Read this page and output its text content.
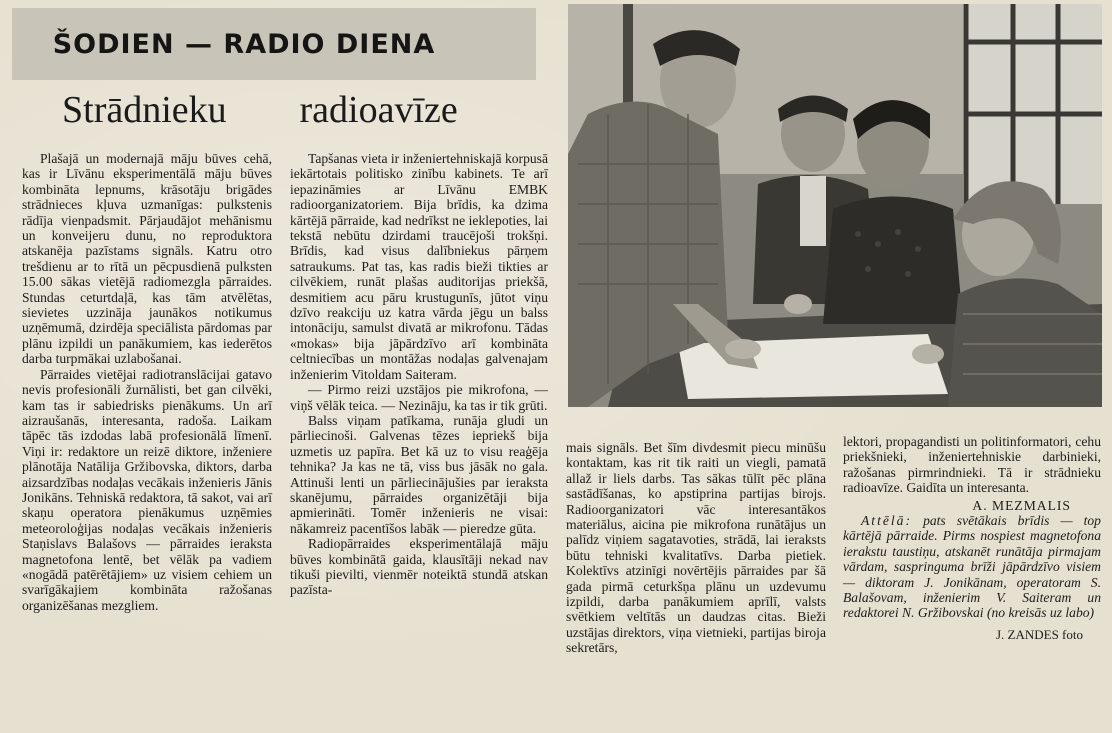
ŠODIEN — RADIO DIENA
Strādnieku radioavīze

Plašajā un modernajā māju būves cehā, kas ir Līvānu eksperimentālā māju būves kombināta lepnums, krāsotāju brigādes strādnieces kļuva uzmanīgas: pulkstenis rādīja vienpadsmit. Pārjaudājot mehānismu un konveijeru dunu, no reproduktora atskanēja pazīstams signāls. Katru otro trešdienu ar to rītā un pēcpusdienā pulksten 15.00 sākas vietējā radiomezgla pārraides. Stundas ceturtdaļā, kas tām atvēlētas, sievietes uzzināja jaunākos notikumus uzņēmumā, dzirdēja speciālista pārdomas par plānu izpildi un panākumiem, kas iederētos darba turpmākai uzlabošanai.

Pārraides vietējai radiotranslācijai gatavo nevis profesionāli žurnālisti, bet gan cilvēki, kam tas ir sabiedrisks pienākums. Un arī aizraušanās, interesanta, radoša. Laikam tāpēc tās izdodas labā profesionālā līmenī. Viņi ir: redaktore un reizē diktore, inženiere plānotāja Natālija Gržibovska, diktors, darba aizsardzības nodaļas vecākais inženieris Jānis Jonikāns. Tehniskā redaktora, tā sakot, vai arī skaņu operatora pienākumus uzņēmies meteoroloģijas nodaļas vecākais inženieris Staņislavs Balašovs — pārraides ieraksta magnetofona lentē, bet vēlāk pa vadiem «nogādā patērētājiem» uz visiem cehiem un svarīgākajiem kombināta ražošanas organizēšanas mezgliem.

Tapšanas vieta ir inženiertehniskajā korpusā iekārtotais politisko zinību kabinets. Te arī iepazināmies ar Līvānu EMBK radioorganizatoriem. Bija brīdis, ka dzima kārtējā pārraide, kad nedrīkst ne ieklepoties, lai tekstā nebūtu dzirdami traucējoši trokšņi. Brīdis, kad visus dalībniekus pārņem satraukums. Pat tas, kas radis bieži tikties ar cilvēkiem, runāt plašas auditorijas priekšā, desmitiem acu pāru krustugunīs, jūtot viņu dzīvo reakciju uz katra vārda jēgu un balss intonāciju, samulst divatā ar mikrofonu. Tādas «mokas» bija jāpārdzīvo arī kombināta celtniecības un montāžas nodaļas galvenajam inženierim Vitoldam Saiteram.

— Pirmo reizi uzstājos pie mikrofona, — viņš vēlāk teica. — Nezināju, ka tas ir tik grūti.

Balss viņam patīkama, runāja gludi un pārliecinoši. Galvenas tēzes iepriekš bija uzmetis uz papīra. Bet kā uz to visu reaģēja tehnika? Ja kas ne tā, viss bus jāsāk no gala. Attinuši lenti un pārliecinājušies par ieraksta skanējumu, pārraides organizētāji bija apmierināti. Tomēr inženieris ne visai: nākamreiz pacentīšos labāk — pieredze gūta.

Radiopārraides eksperimentālajā māju būves kombinātā gaida, klausītāji nekad nav tikuši pievilti, vienmēr noteiktā stundā atskan pazīsta-

mais signāls. Bet šīm divdesmit piecu minūšu kontaktam, kas rit tik raiti un viegli, pamatā allaž ir liels darbs. Tas sākas tūlīt pēc plāna sastādīšanas, ko apstiprina partijas birojs. Radioorganizatori vāc interesantākos materiālus, aicina pie mikrofona runātājus un palīdz viņiem sagatavoties, strādā, lai ieraksts būtu tehniski kvalitatīvs. Darba pietiek. Kolektīvs atzinīgi novērtējis pārraides par šā gada pirmā ceturkšņa plānu un uzdevumu izpildi, darba panākumiem aprīlī, valsts svētkiem veltītās un daudzas citas. Bieži uzstājas direktors, viņa vietnieki, partijas biroja sekretārs,

lektori, propagandisti un politinformatori, cehu priekšnieki, inženiertehniskie darbinieki, ražošanas pirmrindnieki. Tā ir strādnieku radioavīze. Gaidīta un interesanta.

A. MEZMALIS

Attēlā: pats svētākais brīdis — top kārtējā pārraide. Pirms nospiest magnetofona ierakstu taustiņu, atskanēt runātāja pirmajam vārdam, saspringuma brīži jāpārdzīvo visiem — diktoram J. Jonikānam, operatoram S. Balašovam, inženierim V. Saiteram un redaktorei N. Gržibovskai (no kreisās uz labo)

J. ZANDES foto
